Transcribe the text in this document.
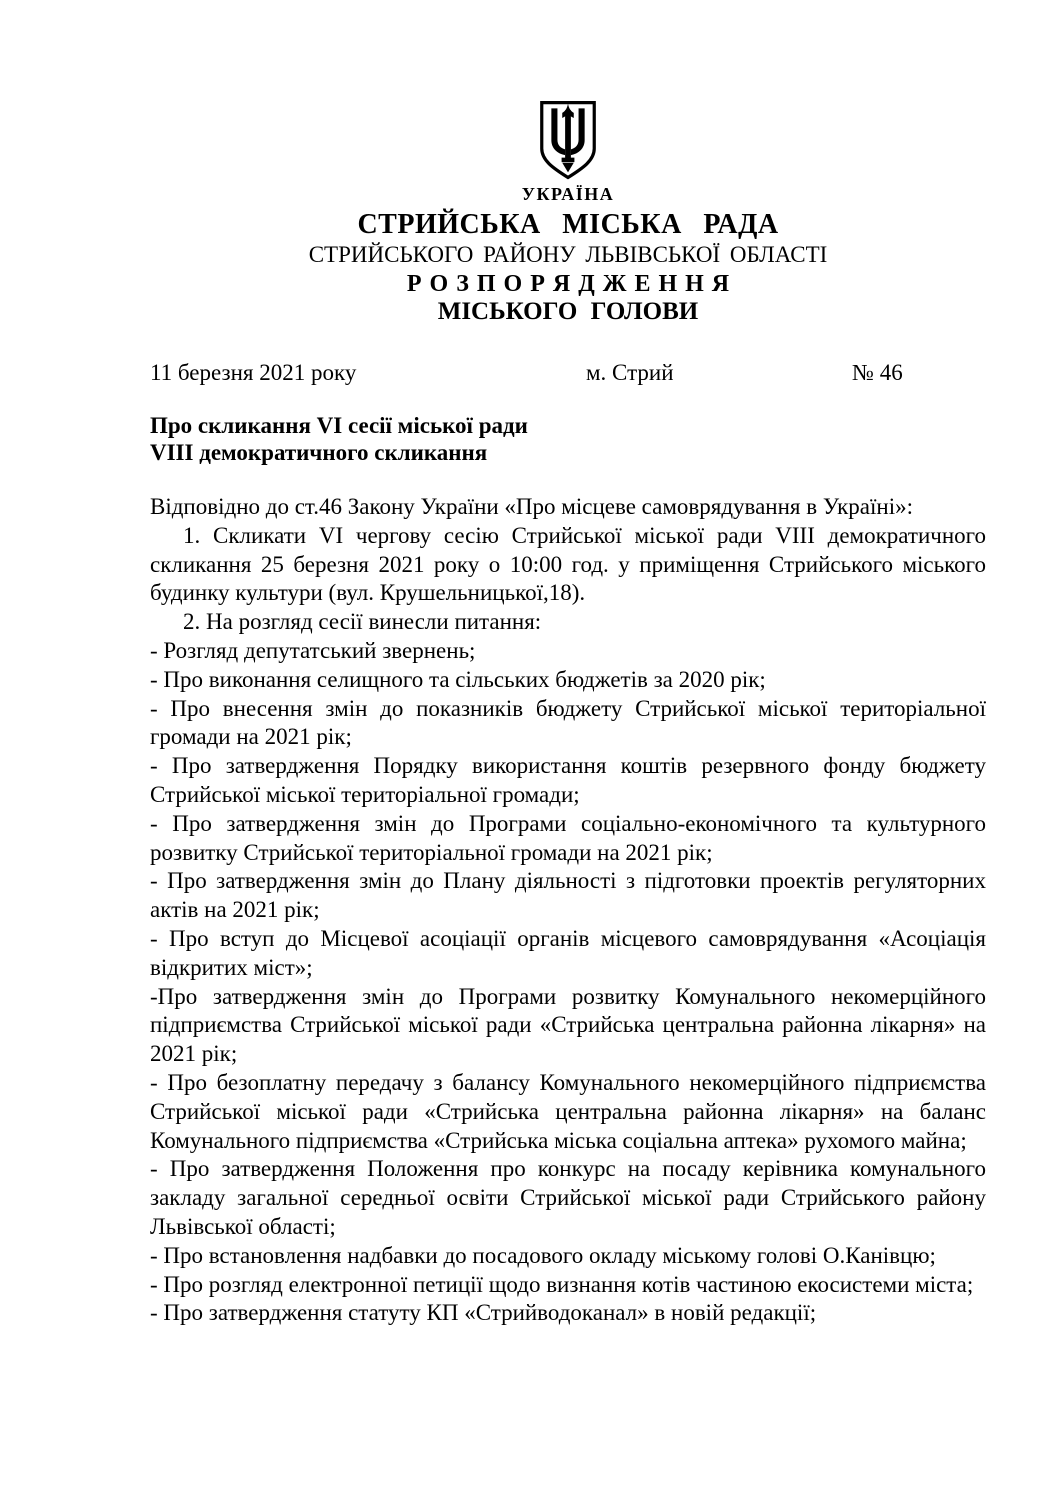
УКРАЇНА
СТРИЙСЬКА МІСЬКА РАДА
СТРИЙСЬКОГО РАЙОНУ ЛЬВІВСЬКОЇ ОБЛАСТІ
Р О З П О Р Я Д Ж Е Н Н Я
МІСЬКОГО ГОЛОВИ
11 березня 2021 року	м. Стрий	№ 46
Про скликання VI сесії міської ради
VIII демократичного скликання

Відповідно до ст.46 Закону України «Про місцеве самоврядування в Україні»:

1. Скликати VI чергову сесію Стрийської міської ради VIII демократичного скликання 25 березня 2021 року о 10:00 год. у приміщення Стрийського міського будинку культури (вул. Крушельницької,18).

2. На розгляд сесії винесли питання:

- Розгляд депутатський звернень;

- Про виконання селищного та сільських бюджетів за 2020 рік;

- Про внесення змін до показників бюджету Стрийської міської територіальної громади на 2021 рік;

- Про затвердження Порядку використання коштів резервного фонду бюджету Стрийської міської територіальної громади;

- Про затвердження змін до Програми соціально-економічного та культурного розвитку Стрийської територіальної громади на 2021 рік;

- Про затвердження змін до Плану діяльності з підготовки проектів регуляторних актів на 2021 рік;

- Про вступ до Місцевої асоціації органів місцевого самоврядування «Асоціація відкритих міст»;

-Про затвердження змін до Програми розвитку Комунального некомерційного підприємства Стрийської міської ради «Стрийська центральна районна лікарня» на 2021 рік;

- Про безоплатну передачу з балансу Комунального некомерційного підприємства Стрийської міської ради «Стрийська центральна районна лікарня» на баланс Комунального підприємства «Стрийська міська соціальна аптека» рухомого майна;

- Про затвердження Положення про конкурс на посаду керівника комунального закладу загальної середньої освіти Стрийської міської ради Стрийського району Львівської області;

- Про встановлення надбавки до посадового окладу міському голові О.Канівцю;

- Про розгляд електронної петиції щодо визнання котів частиною екосистеми міста;

- Про затвердження статуту КП «Стрийводоканал» в новій редакції;
